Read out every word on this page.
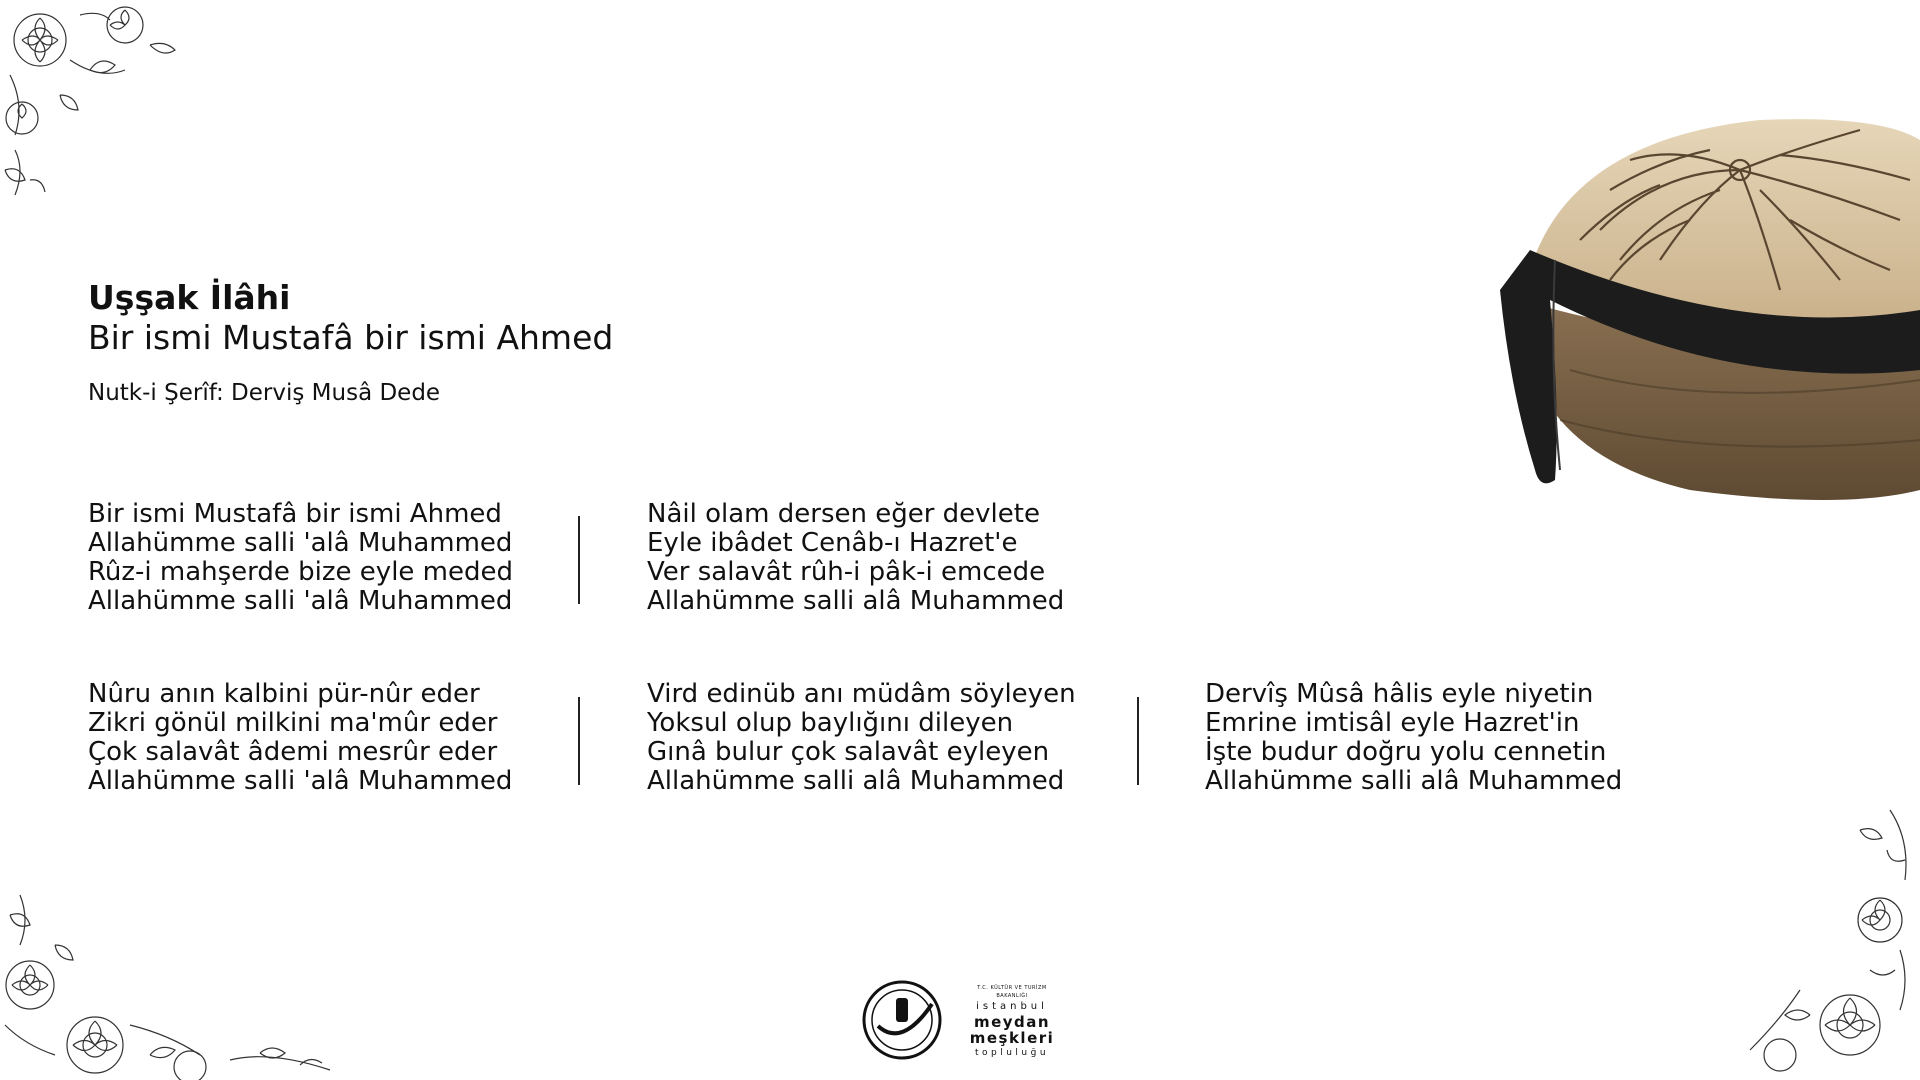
Uşşak İlâhi
Bir ismi Mustafâ bir ismi Ahmed
Nutk-i Şerîf: Derviş Musâ Dede
Bir ismi Mustafâ bir ismi Ahmed
Allahümme salli 'alâ Muhammed
Rûz-i mahşerde bize eyle meded
Allahümme salli 'alâ Muhammed
Nâil olam dersen eğer devlete
Eyle ibâdet Cenâb-ı Hazret'e
Ver salavât rûh-i pâk-i emcede
Allahümme salli alâ Muhammed
Nûru anın kalbini pür-nûr eder
Zikri gönül milkini ma'mûr eder
Çok salavât âdemi mesrûr eder
Allahümme salli 'alâ Muhammed
Vird edinüb anı müdâm söyleyen
Yoksul olup baylığını dileyen
Gınâ bulur çok salavât eyleyen
Allahümme salli alâ Muhammed
Dervîş Mûsâ hâlis eyle niyetin
Emrine imtisâl eyle Hazret'in
İşte budur doğru yolu cennetin
Allahümme salli alâ Muhammed
T.C. KÜLTÜR VE TURİZM BAKANLIĞI
istanbul
meydan
meşkleri
topluluğu
